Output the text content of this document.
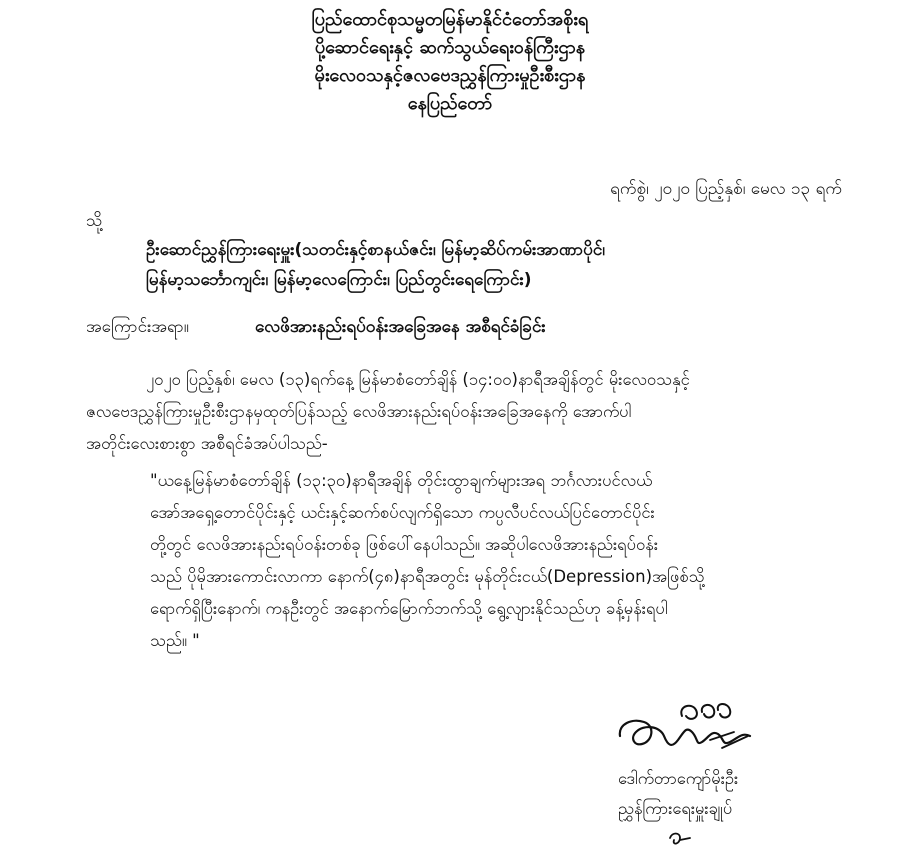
ပြည်ထောင်စုသမ္မတမြန်မာနိုင်ငံတော်အစိုးရ
ပို့ဆောင်ရေးနှင့် ဆက်သွယ်ရေးဝန်ကြီးဌာန
မိုးလေဝသနှင့်ဇလဗေဒညွှန်ကြားမှုဦးစီးဌာန
နေပြည်တော်
ရက်စွဲ၊ ၂၀၂၀ ပြည့်နှစ်၊ မေလ ၁၃ ရက်
သို့
ဦးဆောင်ညွှန်ကြားရေးမှူး(သတင်းနှင့်စာနယ်ဇင်း၊ မြန်မာ့ဆိပ်ကမ်းအာဏာပိုင်၊
မြန်မာ့သင်္ဘောကျင်း၊ မြန်မာ့လေကြောင်း၊ ပြည်တွင်းရေကြောင်း)
အကြောင်းအရာ။	လေဖိအားနည်းရပ်ဝန်းအခြေအနေ အစီရင်ခံခြင်း
၂၀၂၀ ပြည့်နှစ်၊ မေလ (၁၃)ရက်နေ့ မြန်မာစံတော်ချိန် (၁၄:၀၀)နာရီအချိန်တွင် မိုးလေဝသနှင့်
ဇလဗေဒညွှန်ကြားမှုဦးစီးဌာနမှထုတ်ပြန်သည့် လေဖိအားနည်းရပ်ဝန်းအခြေအနေကို အောက်ပါ
အတိုင်းလေးစားစွာ အစီရင်ခံအပ်ပါသည်-
"ယနေ့မြန်မာစံတော်ချိန် (၁၃:၃၀)နာရီအချိန် တိုင်းထွာချက်များအရ ဘင်္ဂလားပင်လယ်
အော်အရှေ့တောင်ပိုင်းနှင့် ယင်းနှင့်ဆက်စပ်လျက်ရှိသော ကပ္ပလီပင်လယ်ပြင်တောင်ပိုင်း
တို့တွင် လေဖိအားနည်းရပ်ဝန်းတစ်ခု ဖြစ်ပေါ်နေပါသည်။ အဆိုပါလေဖိအားနည်းရပ်ဝန်း
သည် ပိုမိုအားကောင်းလာကာ နောက်(၄၈)နာရီအတွင်း မုန်တိုင်းငယ်(Depression)အဖြစ်သို့
ရောက်ရှိပြီးနောက်၊ ကနဦးတွင် အနောက်မြောက်ဘက်သို့ ရွေ့လျားနိုင်သည်ဟု ခန့်မှန်းရပါ
သည်။ "
ဒေါက်တာကျော်မိုးဦး
ညွှန်ကြားရေးမှူးချုပ်
